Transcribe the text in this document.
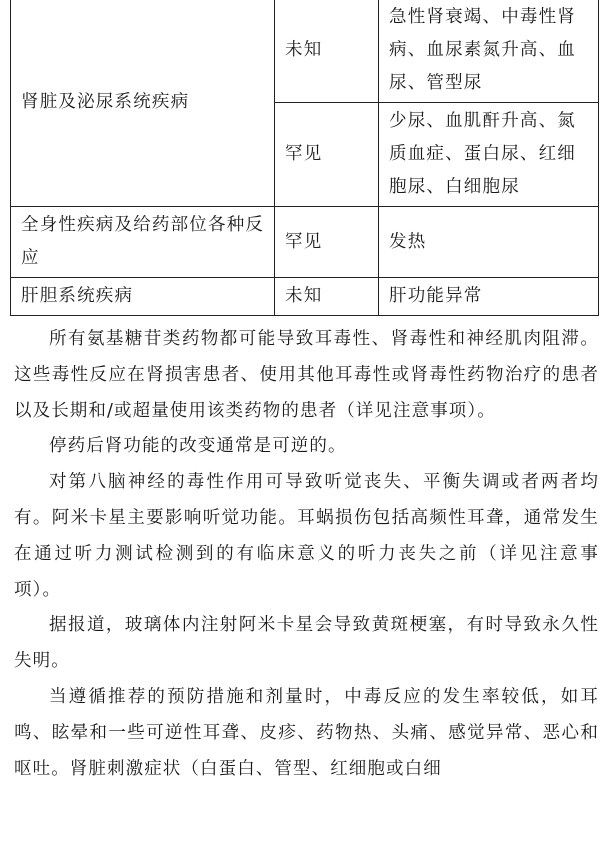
肾脏及泌尿系统疾病	未知	急性肾衰竭、中毒性肾病、血尿素氮升高、血尿、管型尿
	罕见	少尿、血肌酐升高、氮质血症、蛋白尿、红细胞尿、白细胞尿
全身性疾病及给药部位各种反应	罕见	发热
肝胆系统疾病	未知	肝功能异常

所有氨基糖苷类药物都可能导致耳毒性、肾毒性和神经肌肉阻滞。这些毒性反应在肾损害患者、使用其他耳毒性或肾毒性药物治疗的患者以及长期和/或超量使用该类药物的患者（详见注意事项）。

停药后肾功能的改变通常是可逆的。

对第八脑神经的毒性作用可导致听觉丧失、平衡失调或者两者均有。阿米卡星主要影响听觉功能。耳蜗损伤包括高频性耳聋，通常发生在通过听力测试检测到的有临床意义的听力丧失之前（详见注意事项）。

据报道，玻璃体内注射阿米卡星会导致黄斑梗塞，有时导致永久性失明。

当遵循推荐的预防措施和剂量时，中毒反应的发生率较低，如耳鸣、眩晕和一些可逆性耳聋、皮疹、药物热、头痛、感觉异常、恶心和呕吐。肾脏刺激症状（白蛋白、管型、红细胞或白细
